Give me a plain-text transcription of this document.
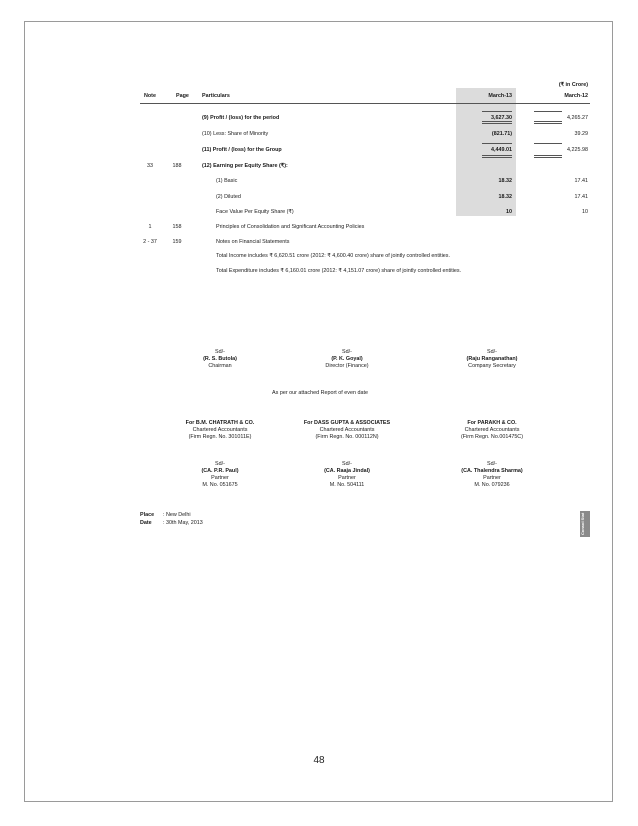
(₹ in Crore)
Note	Page Particulars	March-13	March-12
(9) Profit / (loss) for the period	3,627.30	4,265.27
(10) Less: Share of Minority	(821.71)	39.29
(11) Profit / (loss) for the Group	4,449.01	4,225.98
33	188	(12) Earning per Equity Share (₹):
(1) Basic	18.32	17.41
(2) Diluted	18.32	17.41
Face Value Per Equity Share (₹)	10	10
1	158	Principles of Consolidation and Significant Accounting Policies
2 - 37	159	Notes on Financial Statements
Total Income includes ₹ 6,620.51 crore (2012: ₹ 4,600.40 crore) share of jointly controlled entities.
Total Expenditure includes ₹ 6,160.01 crore (2012: ₹ 4,151.07 crore) share of jointly controlled entities.
Sd/-
(R. S. Butola)
Chairman
Sd/-
(P. K. Goyal)
Director (Finance)
Sd/-
(Raju Ranganathan)
Company Secretary
As per our attached Report of even date
For B.M. CHATRATH & CO.
Chartered Accountants
(Firm Regn. No. 301011E)
For DASS GUPTA & ASSOCIATES
Chartered Accountants
(Firm Regn. No. 000112N)
For PARAKH & CO.
Chartered Accountants
(Firm Regn. No.001475C)
Sd/-
(CA. P.R. Paul)
Partner
M. No. 051675
Sd/-
(CA. Raaja Jindal)
Partner
M. No. 504111
Sd/-
(CA. Thalendra Sharma)
Partner
M. No. 079236
Place : New Delhi
Date : 30th May, 2013	Consol Stat
48
